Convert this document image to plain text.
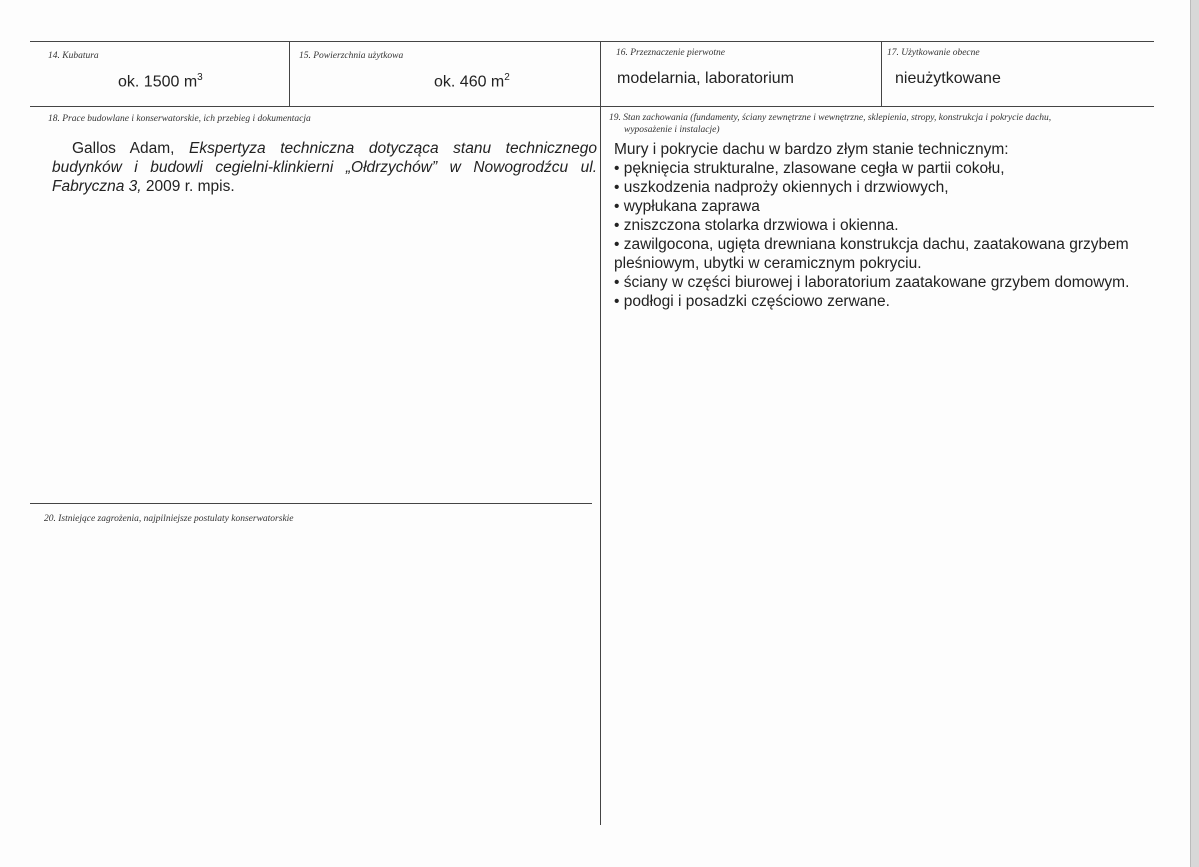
14. Kubatura
ok. 1500 $m^3$
15. Powierzchnia użytkowa
ok. 460 $m^2$
16. Przeznaczenie pierwotne
modelarnia, laboratorium
17. Użytkowanie obecne
nieużytkowane
18. Prace budowlane i konserwatorskie, ich przebieg i dokumentacja
Gallos Adam, Ekspertyza techniczna dotycząca stanu technicznego budynków i budowli cegielni-klinkierni „Ołdrzychów” w Nowogrodźcu ul. Fabryczna 3, 2009 r. mpis.
19. Stan zachowania (fundamenty, ściany zewnętrzne i wewnętrzne, sklepienia, stropy, konstrukcja i pokrycie dachu,
wyposażenie i instalacje)
Mury i pokrycie dachu w bardzo złym stanie technicznym:
• pęknięcia strukturalne, zlasowane cegła w partii cokołu,
• uszkodzenia nadproży okiennych i drzwiowych,
• wypłukana zaprawa
• zniszczona stolarka drzwiowa i okienna.
• zawilgocona, ugięta drewniana konstrukcja dachu, zaatakowana grzybem pleśniowym, ubytki w ceramicznym pokryciu.
• ściany w części biurowej i laboratorium zaatakowane grzybem domowym.
• podłogi i posadzki częściowo zerwane.
20. Istniejące zagrożenia, najpilniejsze postulaty konserwatorskie
